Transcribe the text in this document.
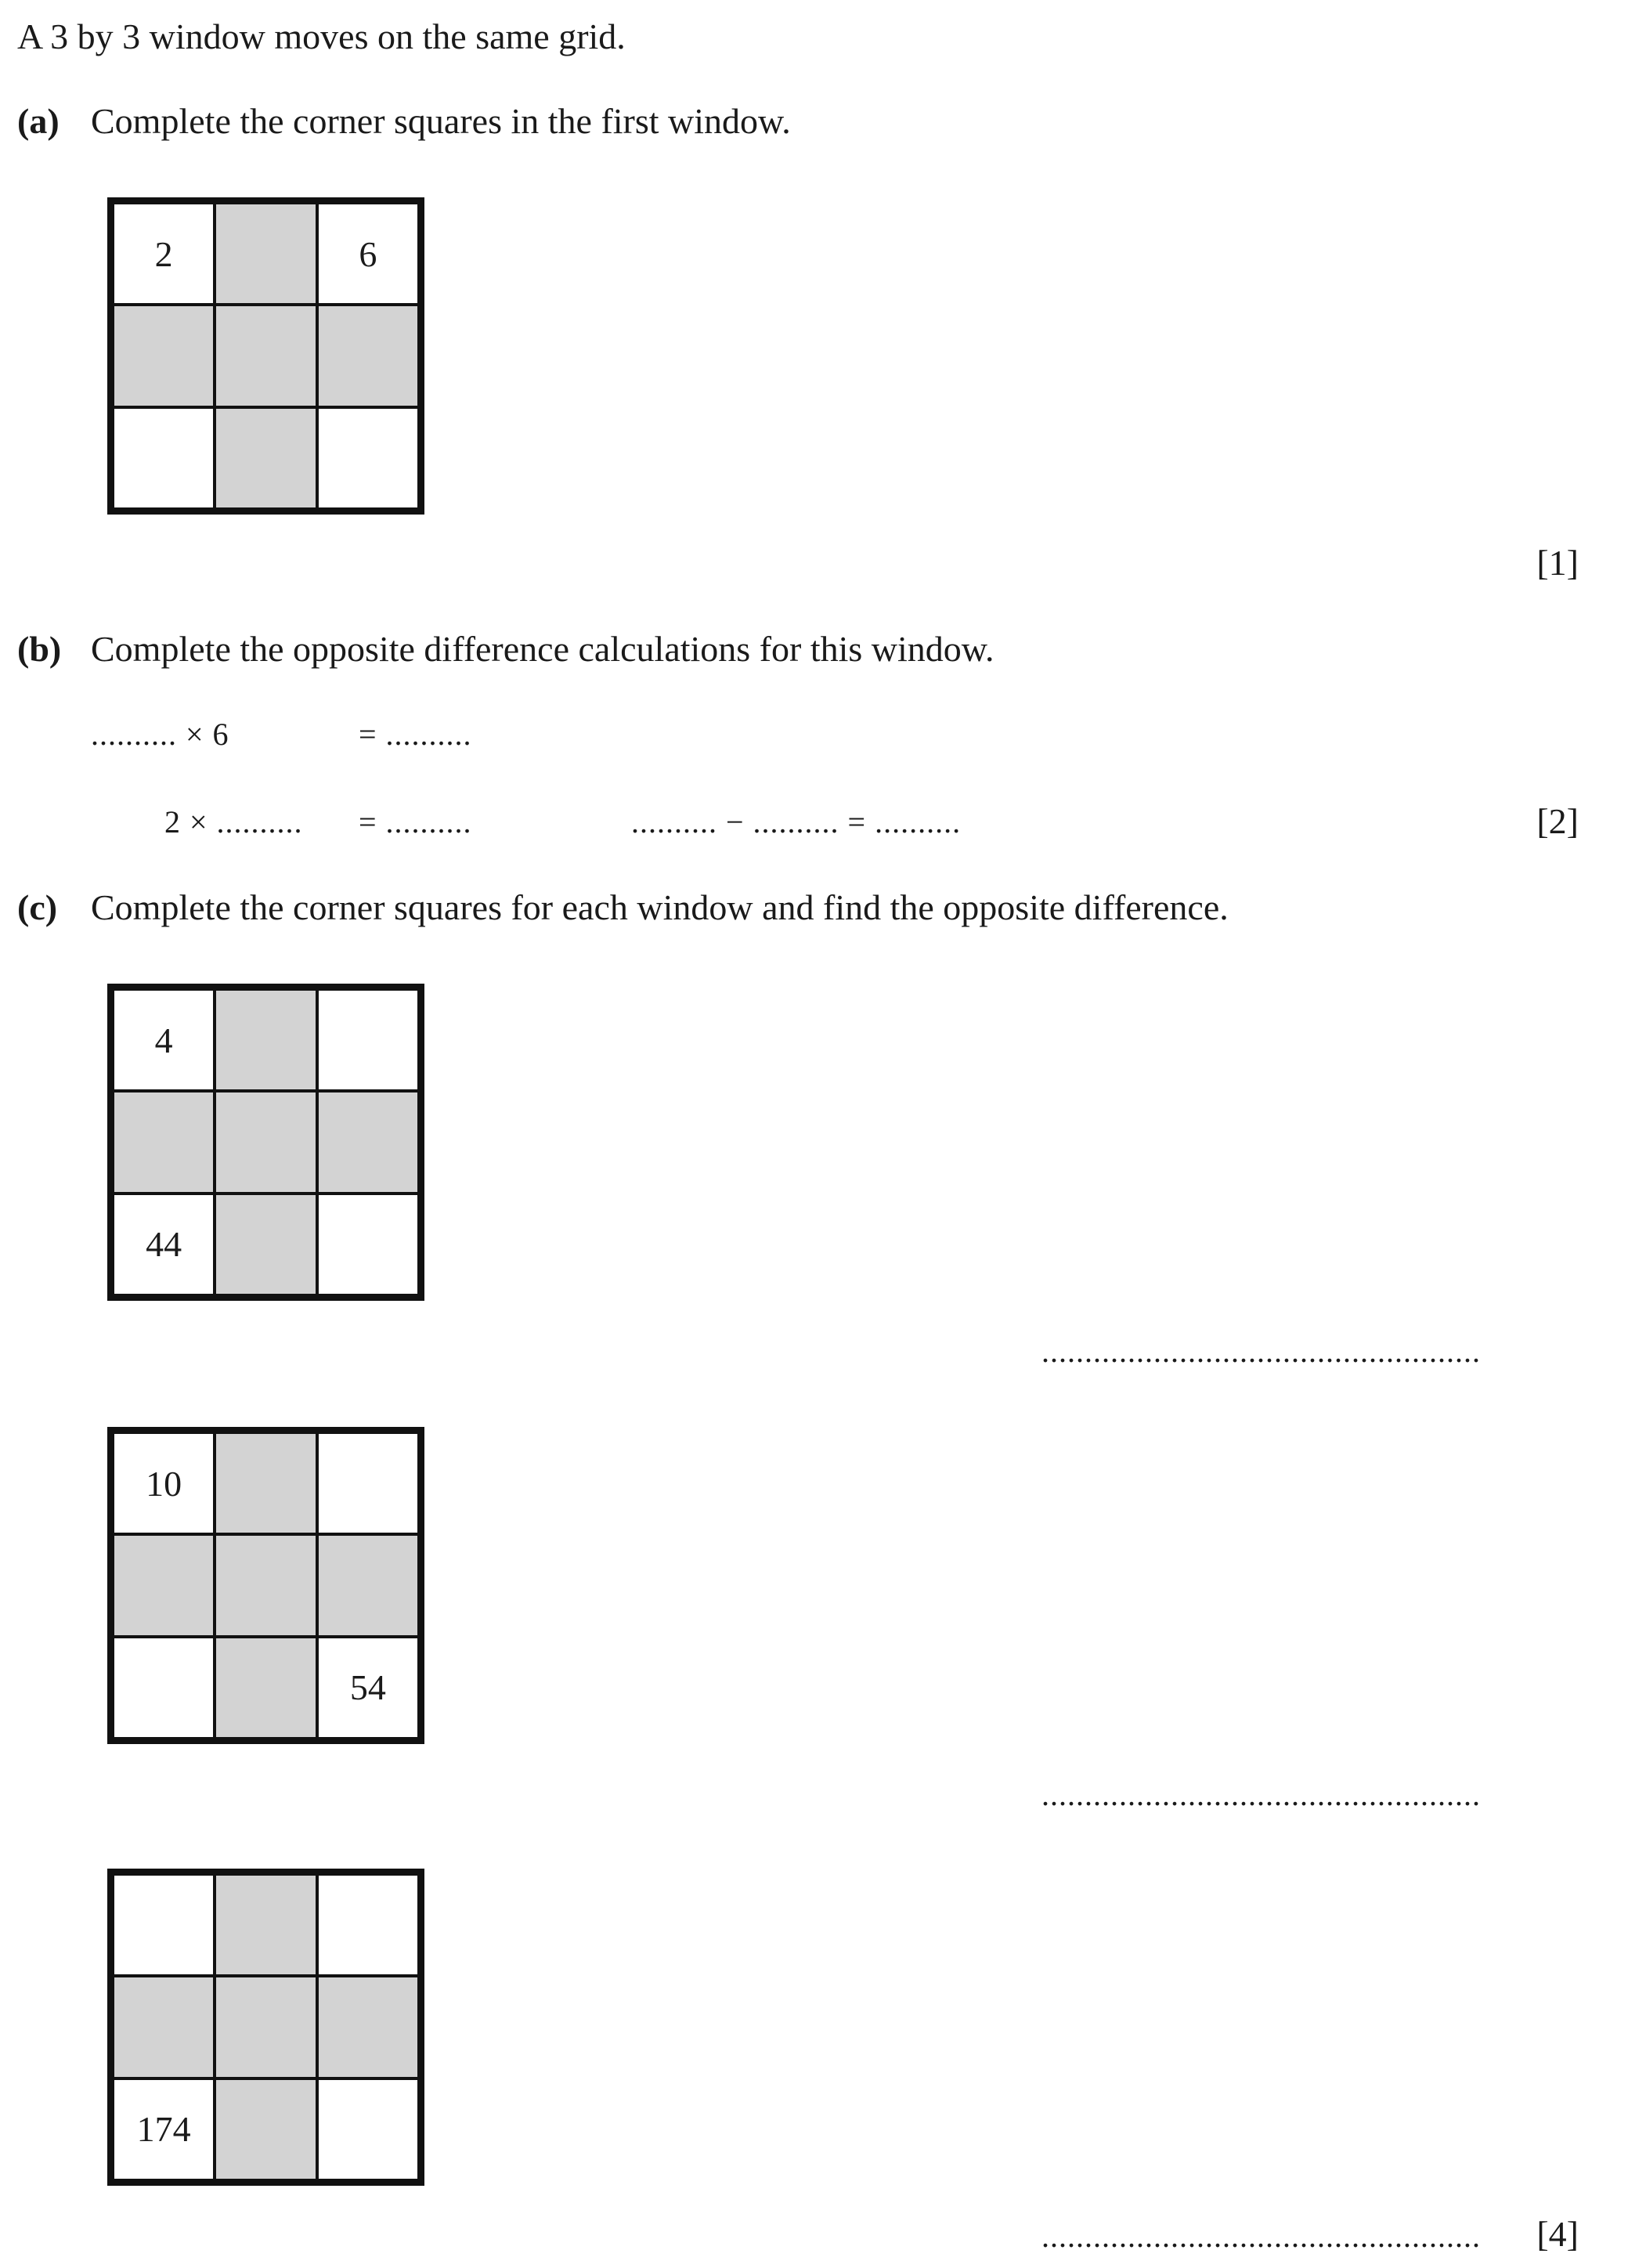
A 3 by 3 window moves on the same grid.
(a) Complete the corner squares in the first window.
2	6
[1]
(b) Complete the opposite difference calculations for this window.
.......... × 6	= ..........
2 × .......... = ..........	.......... − .......... = ..........	[2]
(c) Complete the corner squares for each window and find the opposite difference.
4
44
...................................................
10
54
...................................................
174
................................................... [4]
